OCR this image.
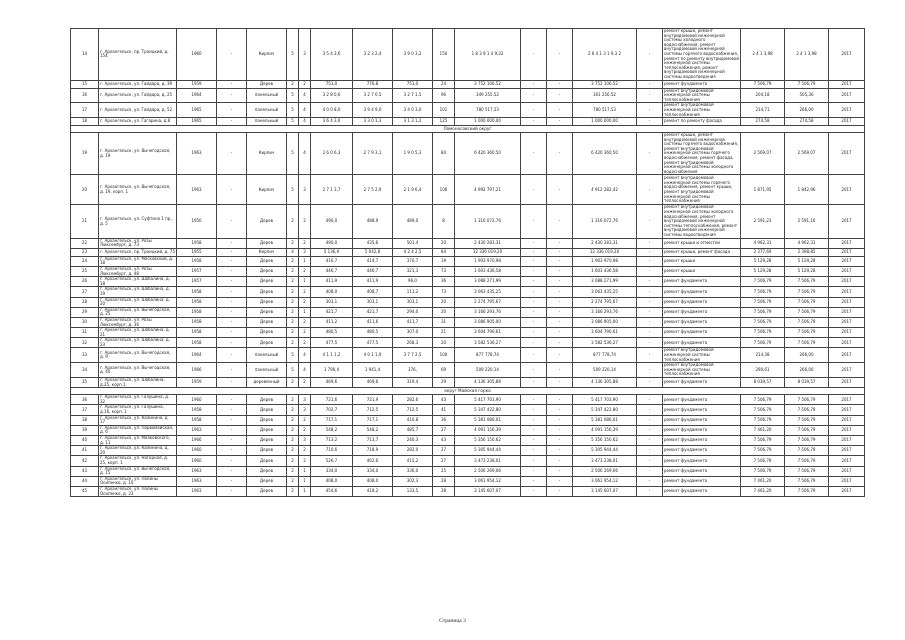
14	г. Архангельск, пр. Троицкий, д. 154	1960	-	Кирпич	5	3	3 5 4 3,6	3 2 3 2,4	3 9 0 3,2	150	1 8 3 9 1 4 9,32	-	-	2 6 4 1 3 1 9,3 2	-	ремонт крыши, ремонт внутридомовой инженерной системы холодного водоснабжения, ремонт внутридомовой инженерной системы горячего водоснабжения, ремонт по ремонту внутридомовой инженерной системы теплоснабжения, ремонт внутридомовой инженерной системы водоотведения	2 4 1 3,98	2 4 1 3,98	2017
15	г. Архангельск, ул. Гайдара, д. 39	1959	-	Дерев	2	2	751,0	776,8	751,0	24	3 752 106,52	-	-	3 752 106,52	-	ремонт фундамента	7 506,79	7 506,79	2017
16	г. Архангельск, ул. Гайдара, д. 25	1964	-	панельный	5	4	3 2 8 0,6	3 2 7 0,5	3 2 7 1,5	96	349 255,52	-	-	301 256,52	-	ремонт внутридомовой инженерной системы теплоснабжения	204,18	505,36	2017
17	г. Архангельск, ул. Гайдара, д. 52	1965	-	панельный	5	4	4 0 0 8,0	3 9 4 9,0	3 4 0 3,0	101	780 517,53	-	-	780 517,53	-	ремонт внутридомовой инженерной системы теплоснабжения	214,71	266,00	2017
18	г. Архангельск, ул. Гагарина, д.8	1965	-	панельный	5	4	3 6 4 3,6	3 3 0 1,3	3 1 3 1,2	125	1 000 000,00	-	-	1 000 000,00	-	ремонт по ремонту фасада	274,58	274,58	2017
Ломоносовский округ																			
19	г. Архангельск, ул. Вычегодская, д. 19	1963	-	Кирпич	5	4	2 6 0 6,3	2 7 9 3,1	1 9 0 5,3	84	6 420 360,50	-	-	6 420 360,50	-	ремонт крыши, ремонт внутридомовой инженерной системы горячего водоснабжения, ремонт внутридомовой инженерной системы горячего водоснабжения, ремонт фасада, ремонт внутридомовой инженерной системы холодного водоснабжения	2 569,07	2 569,07	2017
20	г. Архангельск, ул. Вычегодская, д. 19, корп. 1	1963	-	Кирпич	5	3	2 7 1 3,7	2 7 5 2,9	2 1 9 6,4	106	4 992 797,21	-	-	4 912 282,42	-	ремонт внутридомовой инженерной системы горячего водоснабжения, ремонт крыши, ремонт внутридомовой инженерной системы теплоснабжения	1 871,95	1 842,96	2017
21	г. Архангельск, ул. Суфтина 1 пр., д. 5	1950	-	Дерев	2	2	490,0	488,9	489,0	8	1 316 072,76	-	-	1 316 072,76	-	ремонт внутридомовой инженерной системы холодного водоснабжения, ремонт внутридомовой инженерной системы теплоснабжения, ремонт внутридомовой инженерной системы водоотведения	2 591,23	2 591,16	2017
22	г. Архангельск, ул. Розы Люксембург, д. 73	1958	-	Дерев	2	2	490,0	435,6	501,4	20	2 430 283,31	-	-	2 430 283,31	-	ремонт крыши и отмостки	4 962,31	4 962,31	2017
23	г. Архангельск, пр. Троицкий, д. 75	1955	-	Кирпич	4	3	5 136,9	5 042,8	4 2 4 2,5	84	12 336 019,20	-	-	12 336 019,20	-	ремонт крыши, ремонт фасада	2 377,69	2 398,85	2017
24	г. Архангельск, ул. Московский, д. 18	1958	-	Дерев	2	1	416,7	414,7	370,7	19	1 903 970,98	-	-	1 903 970,98	-	ремонт крыши	5 129,28	5 129,28	2017
25	г. Архангельск, ул. Розы Люксембург, д. 48	1957	-	Дерев	2	2	446,7	446,7	321,3	73	1 603 436,58	-	-	1 603 436,58	-	ремонт крыши	5 129,28	5 129,28	2017
26	г. Архангельск, ул. Шабалина, д. 18	1957	-	Дерев	2	1	411,9	411,9	96,0	36	3 088 271,99	-	-	3 088 271,99	-	ремонт фундамента	7 506,79	7 506,79	2017
27	г. Архангельск, ул. Шабалина, д. 19	1958	-	Дерев	2	2	408,0	408,7	111,2	73	3 063 435,25	-	-	3 063 435,25	-	ремонт фундамента	7 506,79	7 506,79	2017
28	г. Архангельск, ул. Шабалина, д. 20	1958	-	Дерев	2	2	303,1	303,1	303,1	20	2 274 795,67	-	-	2 274 795,67	-	ремонт фундамента	7 506,79	7 506,79	2017
29	г. Архангельск, ул. Вычегодская, д. 25	1958	-	Дерев	2	1	421,7	421,7	294,0	20	3 166 293,76	-	-	3 166 293,76	-	ремонт фундамента	7 506,79	7 506,79	2017
30	г. Архангельск, ул. Розы Люксембург, д. 36	1958	-	Дерев	2	2	411,2	411,6	411,7	31	3 086 905,00	-	-	3 086 905,00	-	ремонт фундамента	7 506,79	7 506,79	2017
31	г. Архангельск, ул. Шабалина, д. 21	1958	-	Дерев	2	2	480,5	480,5	307,0	21	3 604 790,61	-	-	3 604 790,61	-	ремонт фундамента	7 506,79	7 506,79	2017
32	г. Архангельск, ул. Шабалина, д. 23	1958	-	Дерев	2	2	477,5	477,5	268,3	20	3 582 536,27	-	-	3 582 536,27	-	ремонт фундамента	7 506,79	7 506,79	2017
33	г. Архангельск, ул. Вычегодская, д. 9	1964	-	панельный	5	4	4 1 1 1,2	4 0 1 1,9	3 7 7 2,5	100	877 778,74	-	-	877 778,74	-	ремонт внутридомовой инженерной системы теплоснабжения	214,38	266,00	2017
34	г. Архангельск, ул. Вычегодская, д. 40	1966	-	панельный	5	4	1 790,4	1 941,4	376,	69	509 220,14	-	-	509 220,14	-	ремонт внутридомовой инженерной системы теплоснабжения	290,61	266,00	2017
35	г. Архангельск, ул. Шабалина, д.25, корп.1	1959	-	деревянный	2	2	469,6	469,6	319,4	29	4 136 305,88	-	-	4 136 305,88	-	ремонт фундамента	8 039,57	8 039,57	2017
округ Майская горка																			
36	г. Архангельск, ул. Галушина, д. 32	1960	-	Дерев	2	3	721,6	721,9	282,6	43	5 417 703,90	-	-	5 417 703,90	-	ремонт фундамента	7 506,79	7 506,79	2017
37	г. Архангельск, ул. Галушина, д.16, корп. 1	1958	-	Дерев	2	3	702,7	712,5	712,5	41	5 347 422,80	-	-	5 347 422,80	-	ремонт фундамента	7 506,79	7 506,79	2017
38	г. Архангельск, ул. Калинина, д. 17	1958	-	Дерев	2	2	717,1	717,1	416,8	36	5 381 086,01	-	-	5 381 086,01	-	ремонт фундамента	7 506,79	7 506,79	2017
39	г. Архангельск, ул. Первомайская, д. 6	1963	-	Дерев	2	2	548,2	548,2	485,7	27	4 091 156,39	-	-	4 091 156,39	-	ремонт фундамента	7 461,20	7 506,79	2017
40	г. Архангельск, ул. Маяковского, д. 11	1966	-	Дерев	2	3	713,2	713,7	240,3	43	5 356 150,62	-	-	5 356 150,62	-	ремонт фундамента	7 506,79	7 506,79	2017
41	г. Архангельск, ул. Калинина, д. 20	1960	-	Дерев	2	2	710,6	718,9	282,0	27	5 305 944,44	-	-	5 305 944,44	-	ремонт фундамента	7 506,79	7 506,79	2017
42	г. Архангельск, ул. Нагорная, д. 25, корп. 1	1960	-	Дерев	2	2	526,7	462,6	415,2	27	3 473 238,01	-	-	3 473 238,01	-	ремонт фундамента	7 506,79	7 506,79	2017
43	г. Архангельск, ул. Вычегодская, д. 15	1963	-	Дерев	2	1	334,0	334,0	336,0	25	2 506 269,06	-	-	2 506 269,06	-	ремонт фундамента	7 506,79	7 506,79	2017
44	г. Архангельск, ул. Полины Осипенко, д. 10	1963	-	Дерев	2	1	408,0	408,0	302,3	28	3 061 954,12	-	-	3 061 954,12	-	ремонт фундамента	7 461,20	7 506,79	2017
45	г. Архангельск, ул. Полины Осипенко, д. 23	1963	-	Дерев	2	1	454,6	418,2	133,5	28	3 145 607,07	-	-	3 145 607,07	-	ремонт фундамента	7 461,20	7 506,79	2017
Страница 3
